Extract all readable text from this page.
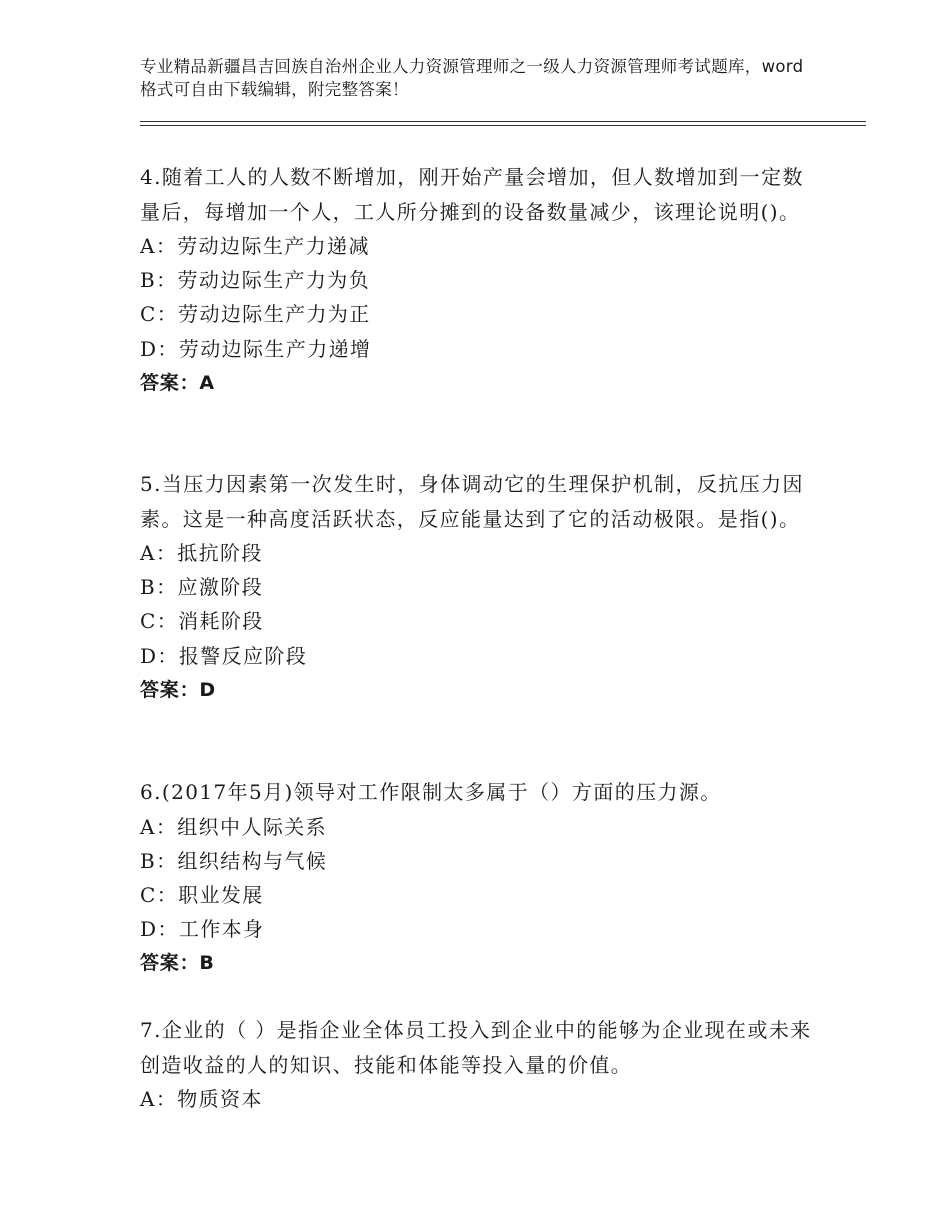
专业精品新疆昌吉回族自治州企业人力资源管理师之一级人力资源管理师考试题库，word格式可自由下载编辑，附完整答案！

4.随着工人的人数不断增加，刚开始产量会增加，但人数增加到一定数量后，每增加一个人，工人所分摊到的设备数量减少，该理论说明()。

A：劳动边际生产力递减

B：劳动边际生产力为负

C：劳动边际生产力为正

D：劳动边际生产力递增

答案：A

5.当压力因素第一次发生时，身体调动它的生理保护机制，反抗压力因素。这是一种高度活跃状态，反应能量达到了它的活动极限。是指()。

A：抵抗阶段

B：应激阶段

C：消耗阶段

D：报警反应阶段

答案：D

6.(2017年5月)领导对工作限制太多属于（）方面的压力源。

A：组织中人际关系

B：组织结构与气候

C：职业发展

D：工作本身

答案：B

7.企业的（ ）是指企业全体员工投入到企业中的能够为企业现在或未来创造收益的人的知识、技能和体能等投入量的价值。

A：物质资本
